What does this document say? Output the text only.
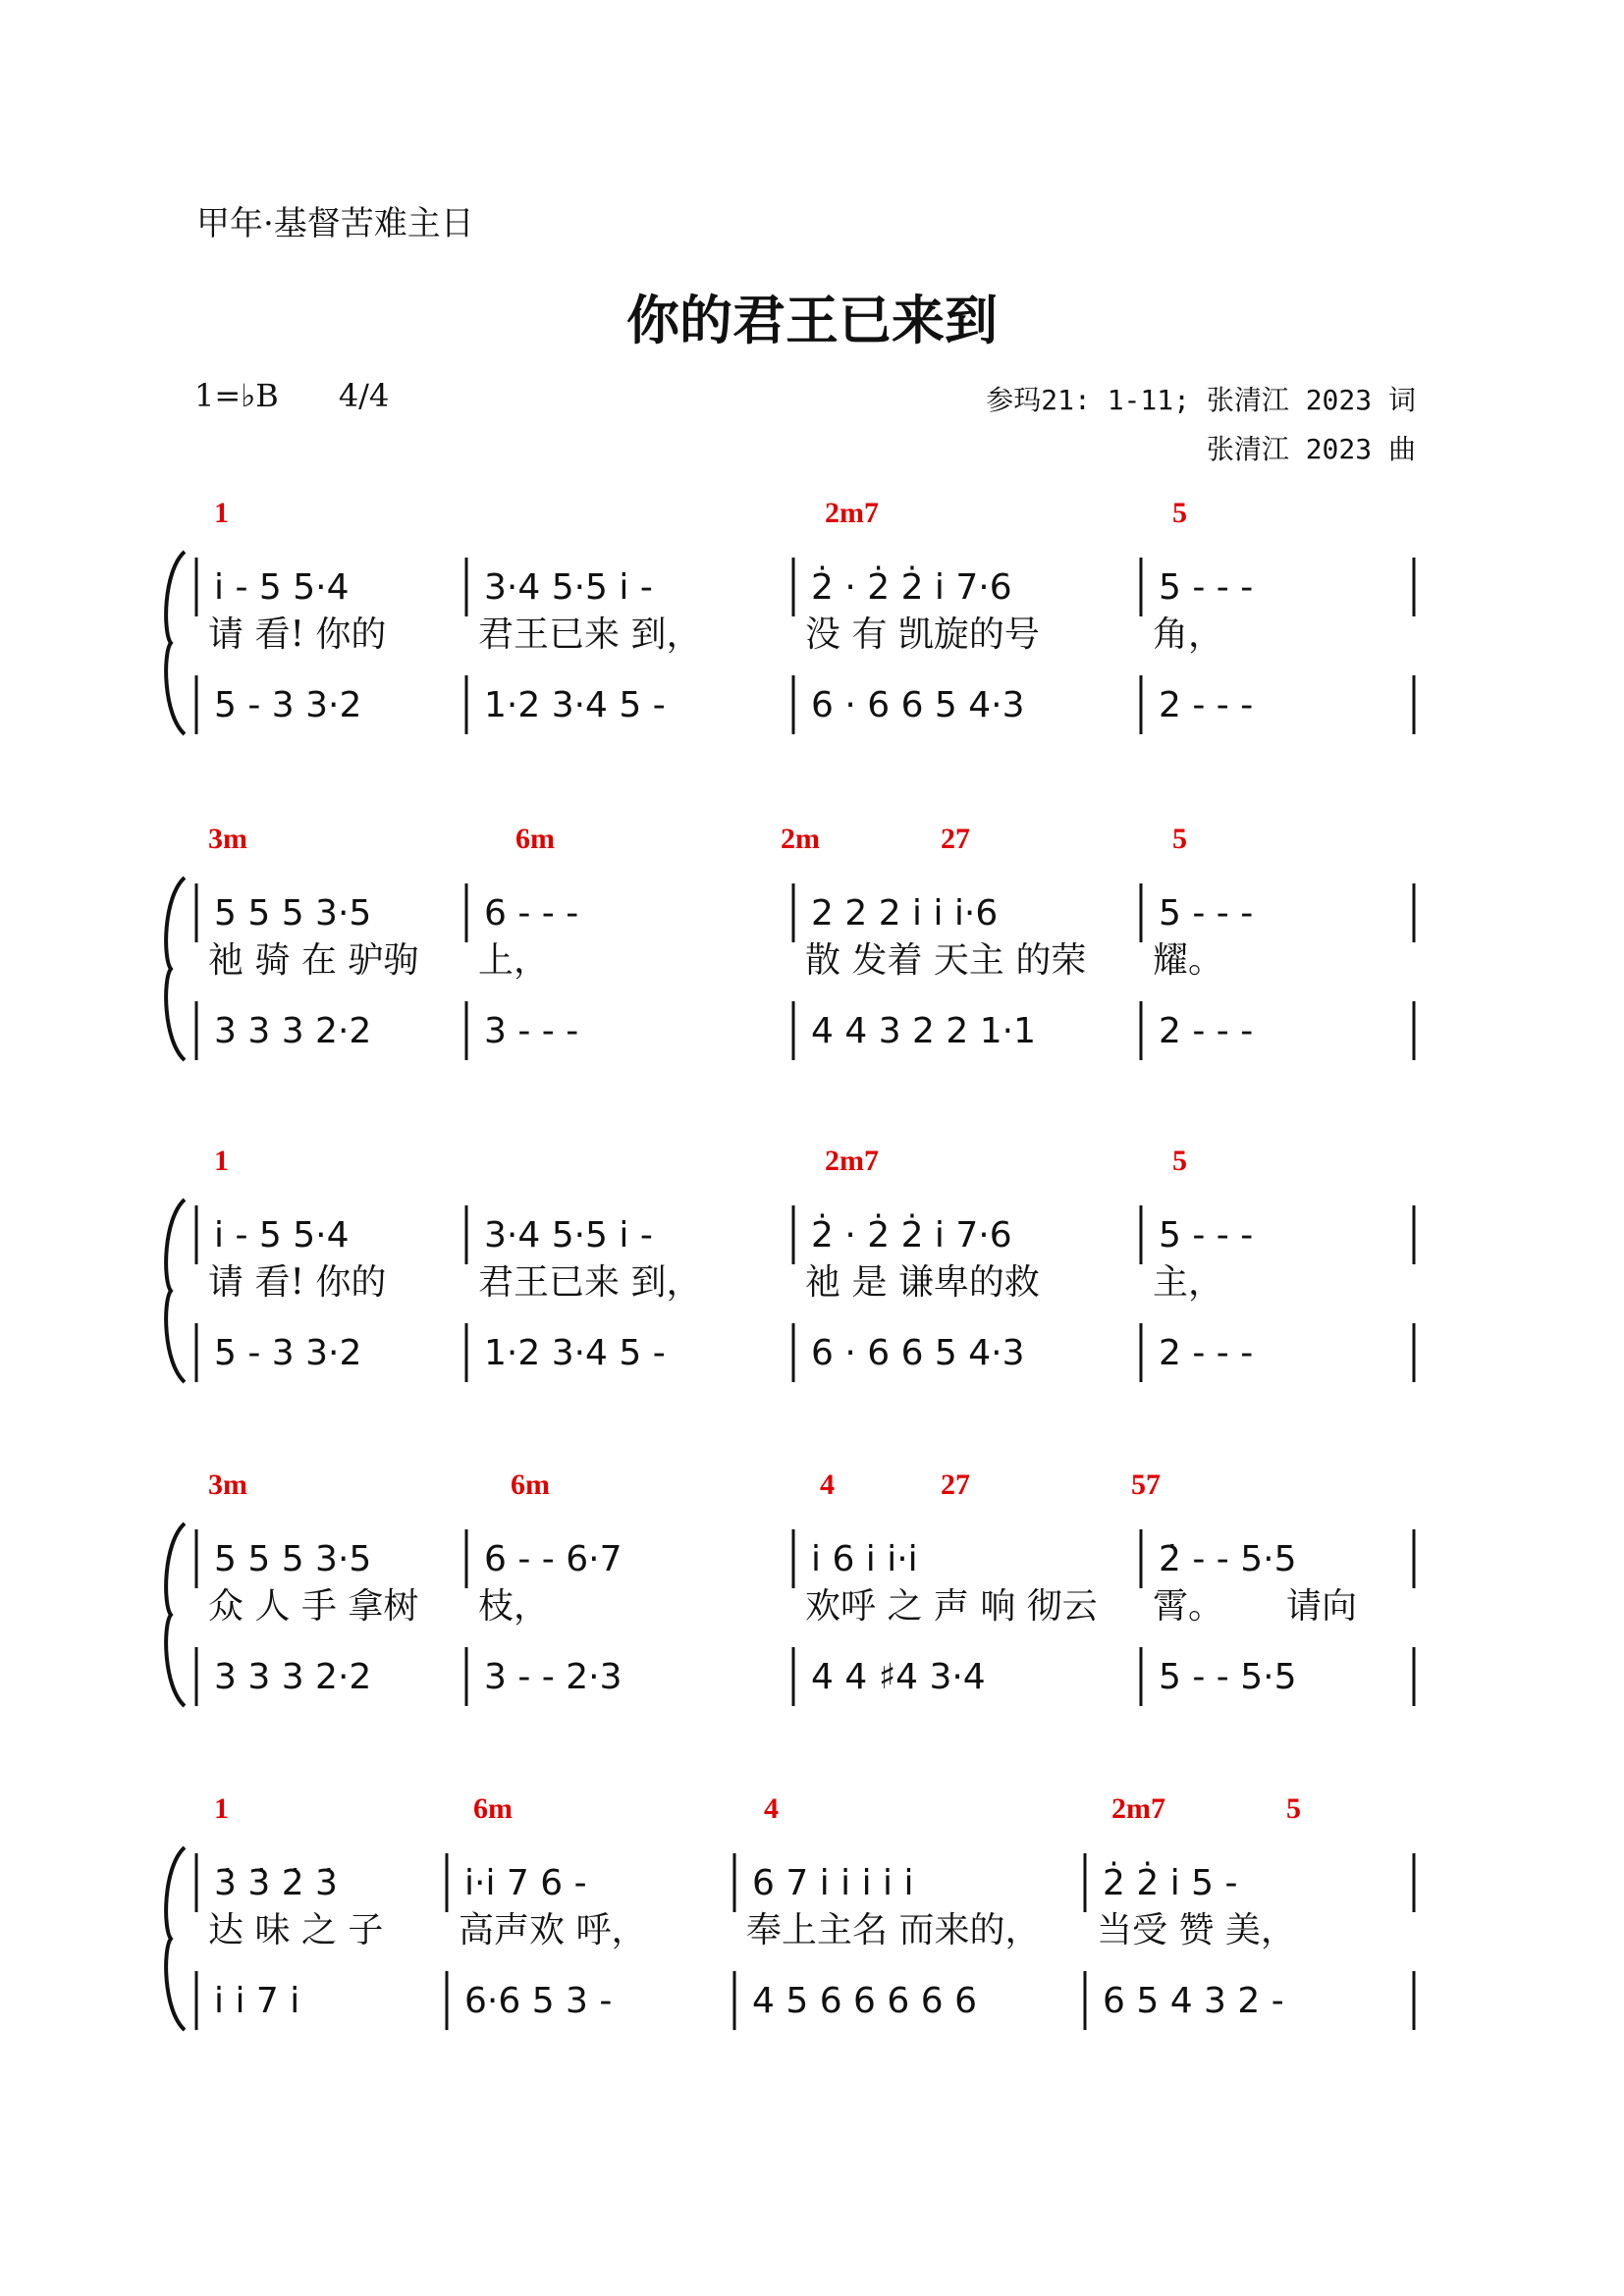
甲年·基督苦难主日
你的君王已来到
1=♭B 4/4	参玛21: 1-11; 张清江 2023 词
张清江 2023 曲
1	2m7	5
i̇ - 5 5·4
请 看! 你的
5 - 3 3·2
3·4 5·5 i̇ -
君王已来 到，
1·2 3·4 5 -
2̇ · 2̇ 2̇ i̇ 7·6
没 有 凯旋的号
6 · 6 6 5 4·3
5 - - -
角，
2 - - -
3m	6m	2m	27	5
5 5 5 3·5
祂 骑 在 驴驹
3 3 3 2·2
6 - - -
上，
3 - - -
2 2 2 i̇ i̇ i̇·6
散 发着 天主 的荣
4 4 3 2 2 1·1
5 - - -
耀。
2 - - -
1	2m7	5
i̇ - 5 5·4
请 看! 你的
5 - 3 3·2
3·4 5·5 i̇ -
君王已来 到，
1·2 3·4 5 -
2̇ · 2̇ 2̇ i̇ 7·6
祂 是 谦卑的救
6 · 6 6 5 4·3
5 - - -
主，
2 - - -
3m	6m	4	27	57
5 5 5 3·5
众 人 手 拿树
3 3 3 2·2
6 - - 6·7
枝，
3 - - 2·3
i̇ 6 i̇ i̇·i̇
欢呼 之 声 响 彻云
4 4 ♯4 3·4
2̇ - - 5·5
霄。
5 - - 5·5
请向
1	6m	4	2m7	5
3̇ 3̇ 2̇ 3̇
达 味 之 子
i̇ i̇ 7 i̇
i̇·i̇ 7 6 -
高声欢 呼，
6·6 5 3 -
6 7 i̇ i̇ i̇ i̇ i̇
奉上主名 而来的，
4 5 6 6 6 6 6
2̇ 2̇ i̇ 5 -
当受 赞 美，
6 5 4 3 2 -
